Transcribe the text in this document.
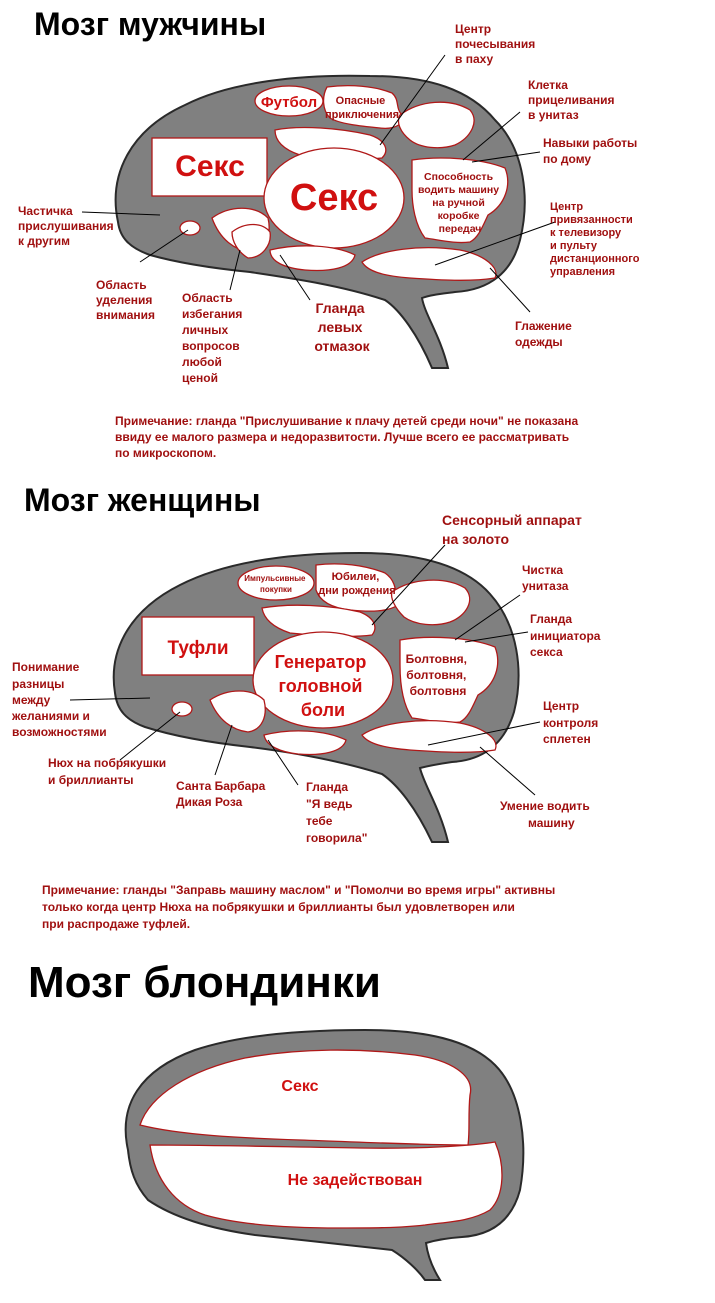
Мозг мужчины
Секс
Секс
Футбол	Опасные приключения
Способность водить машину на ручной коробке передач
Центр почесывания в паху
Клетка прицеливания в унитаз
Навыки работы по дому
Центр привязанности к телевизору и пульту дистанционного управления
Частичка прислушивания к другим
Область уделения внимания
Область избегания личных вопросов любой ценой
Гланда левых отмазок
Глажение одежды
Примечание: гланда "Прислушивание к плачу детей среди ночи" не показана ввиду ее малого размера и недоразвитости. Лучше всего ее рассматривать по микроскопом.
Мозг женщины
Туфли
Генератор головной боли
Импульсивные покупки
Юбилеи, дни рождения
Болтовня, болтовня, болтовня
Сенсорный аппарат на золото
Чистка унитаза
Гланда инициатора секса
Центр контроля сплетен
Понимание разницы между желаниями и возможностями
Нюх на побрякушки и бриллианты	Санта Барбара Дикая Роза
Гланда "Я ведь тебе говорила"
Умение водить машину
Примечание: гланды "Заправь машину маслом" и "Помолчи во время игры" активны только когда центр Нюха на побрякушки и бриллианты был удовлетворен или при распродаже туфлей.
Мозг блондинки
Секс
Не задействован
